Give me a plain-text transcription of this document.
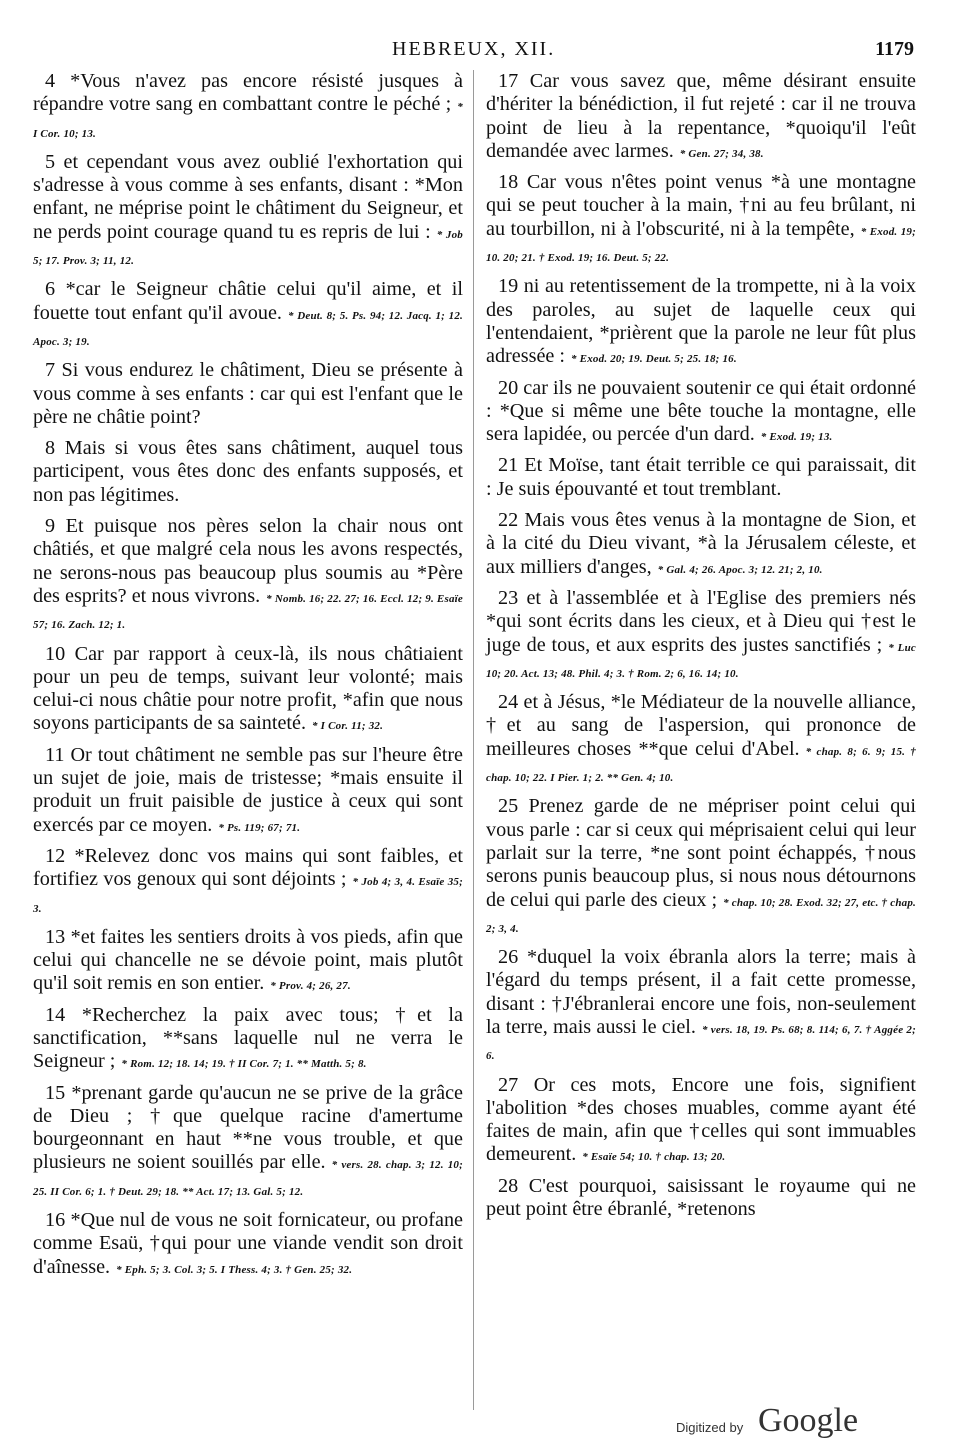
HEBREUX, XII.	1179

4 *Vous n'avez pas encore résisté jusques à répandre votre sang en combattant contre le péché ; * I Cor. 10; 13.

5 et cependant vous avez oublié l'exhortation qui s'adresse à vous comme à ses enfants, disant : *Mon enfant, ne méprise point le châtiment du Seigneur, et ne perds point courage quand tu es repris de lui : * Job 5; 17. Prov. 3; 11, 12.

6 *car le Seigneur châtie celui qu'il aime, et il fouette tout enfant qu'il avoue. * Deut. 8; 5. Ps. 94; 12. Jacq. 1; 12. Apoc. 3; 19.

7 Si vous endurez le châtiment, Dieu se présente à vous comme à ses enfants : car qui est l'enfant que le père ne châtie point?

8 Mais si vous êtes sans châtiment, auquel tous participent, vous êtes donc des enfants supposés, et non pas légitimes.

9 Et puisque nos pères selon la chair nous ont châtiés, et que malgré cela nous les avons respectés, ne serons-nous pas beaucoup plus soumis au *Père des esprits? et nous vivrons. * Nomb. 16; 22. 27; 16. Eccl. 12; 9. Esaïe 57; 16. Zach. 12; 1.

10 Car par rapport à ceux-là, ils nous châtiaient pour un peu de temps, suivant leur volonté; mais celui-ci nous châtie pour notre profit, *afin que nous soyons participants de sa sainteté. * I Cor. 11; 32.

11 Or tout châtiment ne semble pas sur l'heure être un sujet de joie, mais de tristesse; *mais ensuite il produit un fruit paisible de justice à ceux qui sont exercés par ce moyen. * Ps. 119; 67; 71.

12 *Relevez donc vos mains qui sont faibles, et fortifiez vos genoux qui sont déjoints ; * Job 4; 3, 4. Esaïe 35; 3.

13 *et faites les sentiers droits à vos pieds, afin que celui qui chancelle ne se dévoie point, mais plutôt qu'il soit remis en son entier. * Prov. 4; 26, 27.

14 *Recherchez la paix avec tous; †et la sanctification, **sans laquelle nul ne verra le Seigneur ; * Rom. 12; 18. 14; 19. † II Cor. 7; 1. ** Matth. 5; 8.

15 *prenant garde qu'aucun ne se prive de la grâce de Dieu ; †que quelque racine d'amertume bourgeonnant en haut **ne vous trouble, et que plusieurs ne soient souillés par elle. * vers. 28. chap. 3; 12. 10; 25. II Cor. 6; 1. † Deut. 29; 18. ** Act. 17; 13. Gal. 5; 12.

16 *Que nul de vous ne soit fornicateur, ou profane comme Esaü, †qui pour une viande vendit son droit d'aînesse. * Eph. 5; 3. Col. 3; 5. I Thess. 4; 3. † Gen. 25; 32.

17 Car vous savez que, même désirant ensuite d'hériter la bénédiction, il fut rejeté : car il ne trouva point de lieu à la repentance, *quoiqu'il l'eût demandée avec larmes. * Gen. 27; 34, 38.

18 Car vous n'êtes point venus *à une montagne qui se peut toucher à la main, †ni au feu brûlant, ni au tourbillon, ni à l'obscurité, ni à la tempête, * Exod. 19; 10. 20; 21. † Exod. 19; 16. Deut. 5; 22.

19 ni au retentissement de la trompette, ni à la voix des paroles, au sujet de laquelle ceux qui l'entendaient, *prièrent que la parole ne leur fût plus adressée : * Exod. 20; 19. Deut. 5; 25. 18; 16.

20 car ils ne pouvaient soutenir ce qui était ordonné : *Que si même une bête touche la montagne, elle sera lapidée, ou percée d'un dard. * Exod. 19; 13.

21 Et Moïse, tant était terrible ce qui paraissait, dit : Je suis épouvanté et tout tremblant.

22 Mais vous êtes venus à la montagne de Sion, et à la cité du Dieu vivant, *à la Jérusalem céleste, et aux milliers d'anges, * Gal. 4; 26. Apoc. 3; 12. 21; 2, 10.

23 et à l'assemblée et à l'Eglise des premiers nés *qui sont écrits dans les cieux, et à Dieu qui †est le juge de tous, et aux esprits des justes sanctifiés ; * Luc 10; 20. Act. 13; 48. Phil. 4; 3. † Rom. 2; 6, 16. 14; 10.

24 et à Jésus, *le Médiateur de la nouvelle alliance, †et au sang de l'aspersion, qui prononce de meilleures choses **que celui d'Abel. * chap. 8; 6. 9; 15. † chap. 10; 22. I Pier. 1; 2. ** Gen. 4; 10.

25 Prenez garde de ne mépriser point celui qui vous parle : car si ceux qui méprisaient celui qui leur parlait sur la terre, *ne sont point échappés, †nous serons punis beaucoup plus, si nous nous détournons de celui qui parle des cieux ; * chap. 10; 28. Exod. 32; 27, etc. † chap. 2; 3, 4.

26 *duquel la voix ébranla alors la terre; mais à l'égard du temps présent, il a fait cette promesse, disant : †J'ébranlerai encore une fois, non-seulement la terre, mais aussi le ciel. * vers. 18, 19. Ps. 68; 8. 114; 6, 7. † Aggée 2; 6.

27 Or ces mots, Encore une fois, signifient l'abolition *des choses muables, comme ayant été faites de main, afin que †celles qui sont immuables demeurent. * Esaïe 54; 10. † chap. 13; 20.

28 C'est pourquoi, saisissant le royaume qui ne peut point être ébranlé, *retenons

Digitized by Google
